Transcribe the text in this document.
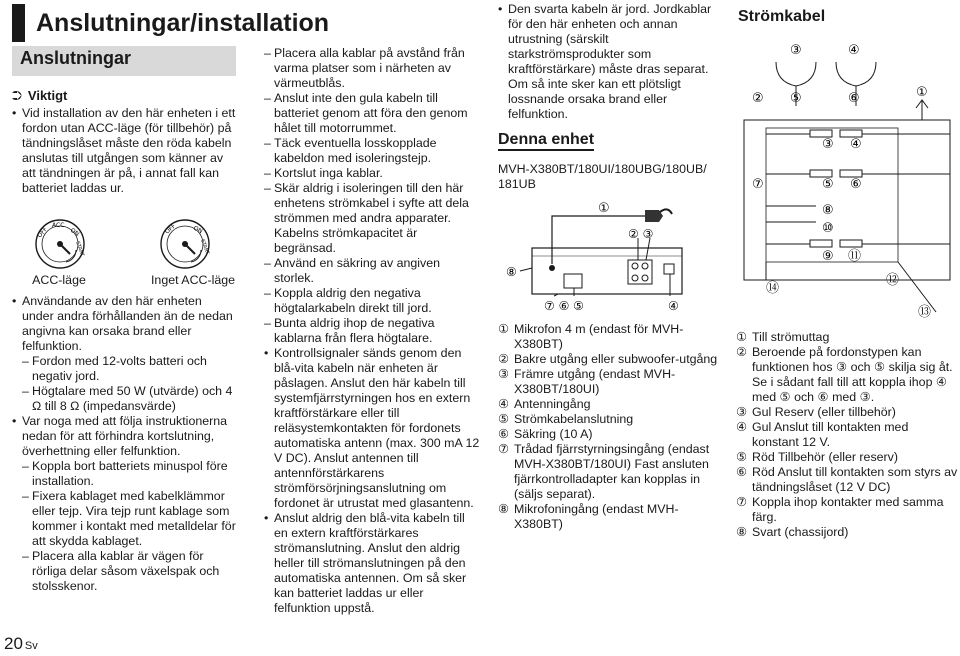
Anslutningar/installation
Anslutningar
⮊ Viktigt
• Vid installation av den här enheten i ett fordon utan ACC-läge (för tillbehör) på tändningslåset måste den röda kabeln anslutas till utgången som känner av att tändningen är på, i annat fall kan batteriet laddas ur.
OFF
ACC
ON
START
OFF ON
START
ACC-läge	Inget ACC-läge
• Användande av den här enheten under andra förhållanden än de nedan angivna kan orsaka brand eller felfunktion.
– Fordon med 12-volts batteri och negativ jord.
– Högtalare med 50 W (utvärde) och 4 Ω till 8 Ω (impedansvärde)
• Var noga med att följa instruktionerna nedan för att förhindra kortslutning, överhettning eller felfunktion.
– Koppla bort batteriets minuspol före installation.
– Fixera kablaget med kabelklämmor eller tejp. Vira tejp runt kablage som kommer i kontakt med metalldelar för att skydda kablaget.
– Placera alla kablar är vägen för rörliga delar såsom växelspak och stolsskenor.
– Placera alla kablar på avstånd från varma platser som i närheten av värmeutblås.
– Anslut inte den gula kabeln till batteriet genom att föra den genom hålet till motorrummet.
– Täck eventuella losskopplade kabeldon med isoleringstejp.
– Kortslut inga kablar.
– Skär aldrig i isoleringen till den här enhetens strömkabel i syfte att dela strömmen med andra apparater. Kabelns strömkapacitet är begränsad.
– Använd en säkring av angiven storlek.
– Koppla aldrig den negativa högtalarkabeln direkt till jord.
– Bunta aldrig ihop de negativa kablarna från flera högtalare.
• Kontrollsignaler sänds genom den blå-vita kabeln när enheten är påslagen. Anslut den här kabeln till systemfjärrstyrningen hos en extern kraftförstärkare eller till reläsystemkontakten för fordonets automatiska antenn (max. 300 mA 12 V DC). Anslut antennen till antennförstärkarens strömförsörjningsanslutning om fordonet är utrustat med glasantenn.
• Anslut aldrig den blå-vita kabeln till en extern kraftförstärkares strömanslutning. Anslut den aldrig heller till strömanslutningen på den automatiska antennen. Om så sker kan batteriet laddas ur eller felfunktion uppstå.
• Den svarta kabeln är jord. Jordkablar för den här enheten och annan utrustning (särskilt starkströmsprodukter som kraftförstärkare) måste dras separat. Om så inte sker kan ett plötsligt lossnande orsaka brand eller felfunktion.
Denna enhet
MVH-X380BT/180UI/180UBG/180UB/ 181UB
①
② ③
⑧
⑦ ⑥ ⑤	④
① Mikrofon 4 m (endast för MVH-X380BT)
② Bakre utgång eller subwoofer-utgång
③ Främre utgång (endast MVH-X380BT/180UI)
④ Antenningång
⑤ Strömkabelanslutning
⑥ Säkring (10 A)
⑦ Trådad fjärrstyrningsingång (endast MVH-X380BT/180UI) Fast ansluten fjärrkontrolladapter kan kopplas in (säljs separat).
⑧ Mikrofoningång (endast MVH-X380BT)
Strömkabel
③	④
② ⑤	⑥	①
③ ④
⑦	⑤ ⑥
⑧
⑩
⑨ ⑪
⑫
⑭
⑬
① Till strömuttag
② Beroende på fordonstypen kan funktionen hos ③ och ⑤ skilja sig åt. Se i sådant fall till att koppla ihop ④ med ⑤ och ⑥ med ③.
③ Gul Reserv (eller tillbehör)
④ Gul Anslut till kontakten med konstant 12 V.
⑤ Röd Tillbehör (eller reserv)
⑥ Röd Anslut till kontakten som styrs av tändningslåset (12 V DC)
⑦ Koppla ihop kontakter med samma färg.
⑧ Svart (chassijord)
20 Sv
